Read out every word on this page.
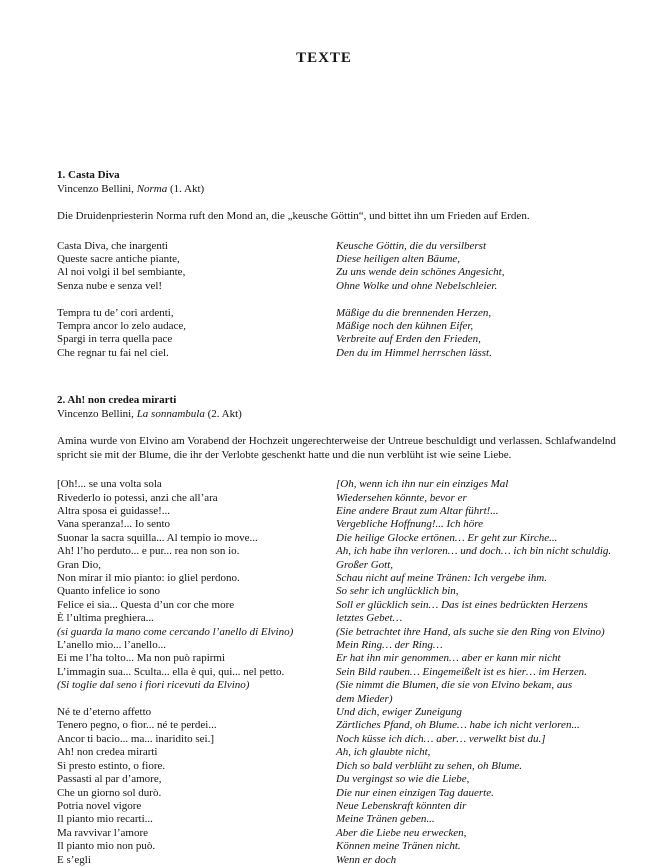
TEXTE
1. Casta Diva
Vincenzo Bellini, Norma (1. Akt)

Die Druidenpriesterin Norma ruft den Mond an, die „keusche Göttin“, und bittet ihn um Frieden auf Erden.

Casta Diva, che inargenti
Queste sacre antiche piante,
Al noi volgi il bel sembiante,
Senza nube e senza vel!

Tempra tu de’ cori ardenti,
Tempra ancor lo zelo audace,
Spargi in terra quella pace
Che regnar tu fai nel ciel.
Keusche Göttin, die du versilberst
Diese heiligen alten Bäume,
Zu uns wende dein schönes Angesicht,
Ohne Wolke und ohne Nebelschleier.

Mäßige du die brennenden Herzen,
Mäßige noch den kühnen Eifer,
Verbreite auf Erden den Frieden,
Den du im Himmel herrschen lässt.
2. Ah! non credea mirarti
Vincenzo Bellini, La sonnambula (2. Akt)

Amina wurde von Elvino am Vorabend der Hochzeit ungerechterweise der Untreue beschuldigt und verlassen. Schlafwandelnd spricht sie mit der Blume, die ihr der Verlobte geschenkt hatte und die nun verblüht ist wie seine Liebe.

[Oh!... se una volta sola
Rivederlo io potessi, anzi che all’ara
Altra sposa ei guidasse!...
Vana speranza!... Io sento
Suonar la sacra squilla... Al tempio io move...
Ah! l’ho perduto... e pur... rea non son io.
Gran Dio,
Non mirar il mio pianto: io gliel perdono.
Quanto infelice io sono
Felice ei sia... Questa d’un cor che more
È l’ultima preghiera...
(si guarda la mano come cercando l’anello di Elvino)
L’anello mio... l’anello...
Ei me l’ha tolto... Ma non può rapirmi
L’immagin sua... Sculta... ella è qui, qui... nel petto.
(Si toglie dal seno i fiori ricevuti da Elvino)

Né te d’eterno affetto
Tenero pegno, o fior... né te perdei...
Ancor ti bacio... ma... inaridito sei.]
Ah! non credea mirarti
Sì presto estinto, o fiore.
Passasti al par d’amore,
Che un giorno sol durò.
Potria novel vigore
Il pianto mio recarti...
Ma ravvivar l’amore
Il pianto mio non può.
E s’egli
[Oh, wenn ich ihn nur ein einziges Mal
Wiedersehen könnte, bevor er
Eine andere Braut zum Altar führt!...
Vergebliche Hoffnung!... Ich höre
Die heilige Glocke ertönen… Er geht zur Kirche...
Ah, ich habe ihn verloren… und doch… ich bin nicht schuldig.
Großer Gott,
Schau nicht auf meine Tränen: Ich vergebe ihm.
So sehr ich unglücklich bin,
Soll er glücklich sein… Das ist eines bedrückten Herzens
letztes Gebet…
(Sie betrachtet ihre Hand, als suche sie den Ring von Elvino)
Mein Ring… der Ring…
Er hat ihn mir genommen… aber er kann mir nicht
Sein Bild rauben… Eingemeißelt ist es hier… im Herzen.
(Sie nimmt die Blumen, die sie von Elvino bekam, aus
dem Mieder)
Und dich, ewiger Zuneigung
Zärtliches Pfand, oh Blume… habe ich nicht verloren...
Noch küsse ich dich… aber… verwelkt bist du.]
Ah, ich glaubte nicht,
Dich so bald verblüht zu sehen, oh Blume.
Du vergingst so wie die Liebe,
Die nur einen einzigen Tag dauerte.
Neue Lebenskraft könnten dir
Meine Tränen geben...
Aber die Liebe neu erwecken,
Können meine Tränen nicht.
Wenn er doch
